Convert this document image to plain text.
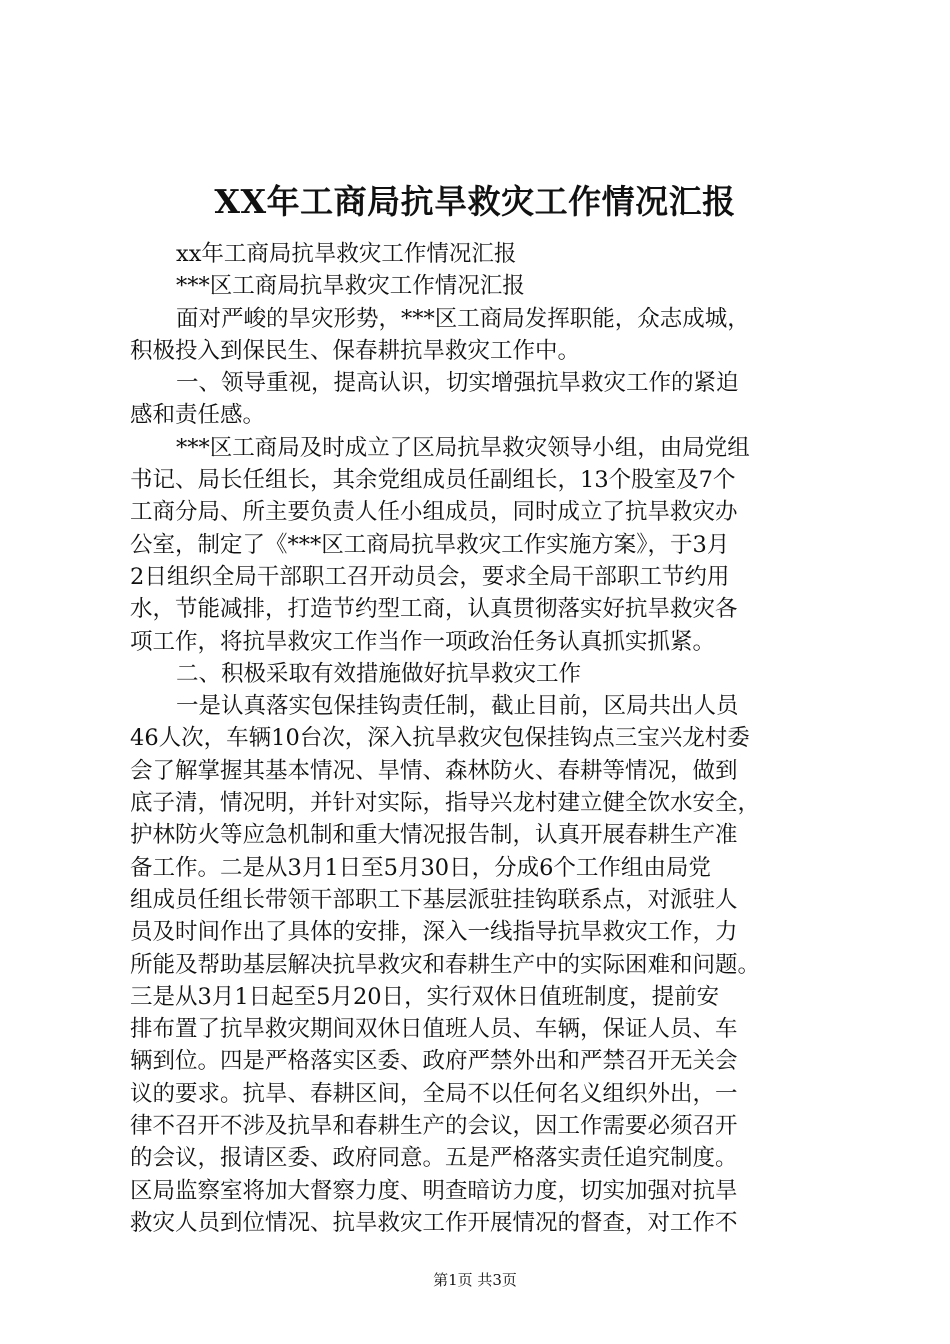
XX年工商局抗旱救灾工作情况汇报
xx年工商局抗旱救灾工作情况汇报
***区工商局抗旱救灾工作情况汇报
面对严峻的旱灾形势，***区工商局发挥职能，众志成城，
积极投入到保民生、保春耕抗旱救灾工作中。
一、领导重视，提高认识，切实增强抗旱救灾工作的紧迫
感和责任感。
***区工商局及时成立了区局抗旱救灾领导小组，由局党组
书记、局长任组长，其余党组成员任副组长，13个股室及7个
工商分局、所主要负责人任小组成员，同时成立了抗旱救灾办
公室，制定了《***区工商局抗旱救灾工作实施方案》，于3月
2日组织全局干部职工召开动员会，要求全局干部职工节约用
水，节能减排，打造节约型工商，认真贯彻落实好抗旱救灾各
项工作，将抗旱救灾工作当作一项政治任务认真抓实抓紧。
二、积极采取有效措施做好抗旱救灾工作
一是认真落实包保挂钩责任制，截止目前，区局共出人员
46人次，车辆10台次，深入抗旱救灾包保挂钩点三宝兴龙村委
会了解掌握其基本情况、旱情、森林防火、春耕等情况，做到
底子清，情况明，并针对实际，指导兴龙村建立健全饮水安全，
护林防火等应急机制和重大情况报告制，认真开展春耕生产准
备工作。二是从3月1日至5月30日，分成6个工作组由局党
组成员任组长带领干部职工下基层派驻挂钩联系点，对派驻人
员及时间作出了具体的安排，深入一线指导抗旱救灾工作，力
所能及帮助基层解决抗旱救灾和春耕生产中的实际困难和问题。
三是从3月1日起至5月20日，实行双休日值班制度，提前安
排布置了抗旱救灾期间双休日值班人员、车辆，保证人员、车
辆到位。四是严格落实区委、政府严禁外出和严禁召开无关会
议的要求。抗旱、春耕区间，全局不以任何名义组织外出，一
律不召开不涉及抗旱和春耕生产的会议，因工作需要必须召开
的会议，报请区委、政府同意。五是严格落实责任追究制度。
区局监察室将加大督察力度、明查暗访力度，切实加强对抗旱
救灾人员到位情况、抗旱救灾工作开展情况的督查，对工作不
第1页 共3页
